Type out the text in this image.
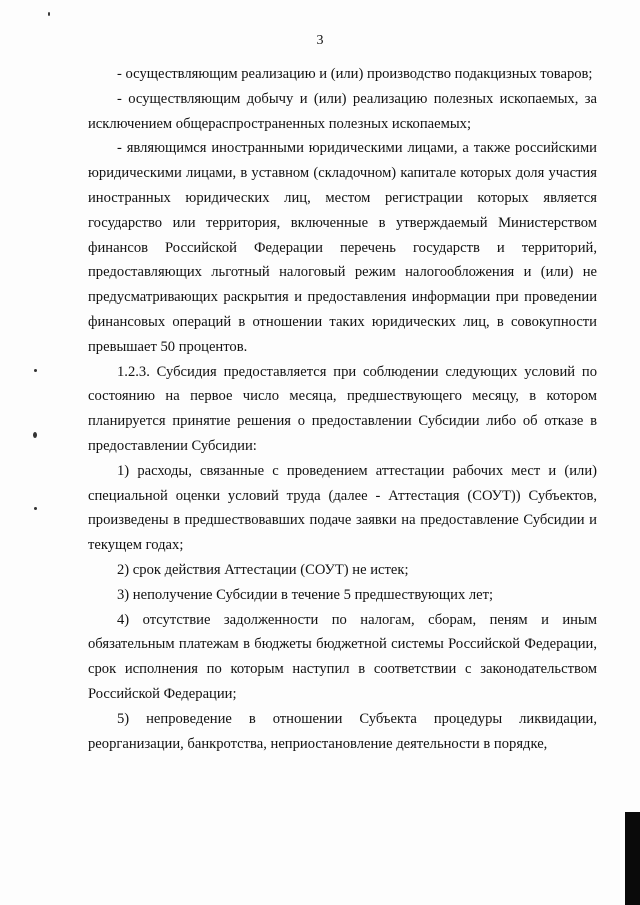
3

- осуществляющим реализацию и (или) производство подакцизных товаров;

- осуществляющим добычу и (или) реализацию полезных ископаемых, за исключением общераспространенных полезных ископаемых;

- являющимся иностранными юридическими лицами, а также российскими юридическими лицами, в уставном (складочном) капитале которых доля участия иностранных юридических лиц, местом регистрации которых является государство или территория, включенные в утверждаемый Министерством финансов Российской Федерации перечень государств и территорий, предоставляющих льготный налоговый режим налогообложения и (или) не предусматривающих раскрытия и предоставления информации при проведении финансовых операций в отношении таких юридических лиц, в совокупности превышает 50 процентов.

1.2.3. Субсидия предоставляется при соблюдении следующих условий по состоянию на первое число месяца, предшествующего месяцу, в котором планируется принятие решения о предоставлении Субсидии либо об отказе в предоставлении Субсидии:

1) расходы, связанные с проведением аттестации рабочих мест и (или) специальной оценки условий труда (далее - Аттестация (СОУТ)) Субъектов, произведены в предшествовавших подаче заявки на предоставление Субсидии и текущем годах;

2) срок действия Аттестации (СОУТ) не истек;

3) неполучение Субсидии в течение 5 предшествующих лет;

4) отсутствие задолженности по налогам, сборам, пеням и иным обязательным платежам в бюджеты бюджетной системы Российской Федерации, срок исполнения по которым наступил в соответствии с законодательством Российской Федерации;

5) непроведение в отношении Субъекта процедуры ликвидации, реорганизации, банкротства, неприостановление деятельности в порядке,
